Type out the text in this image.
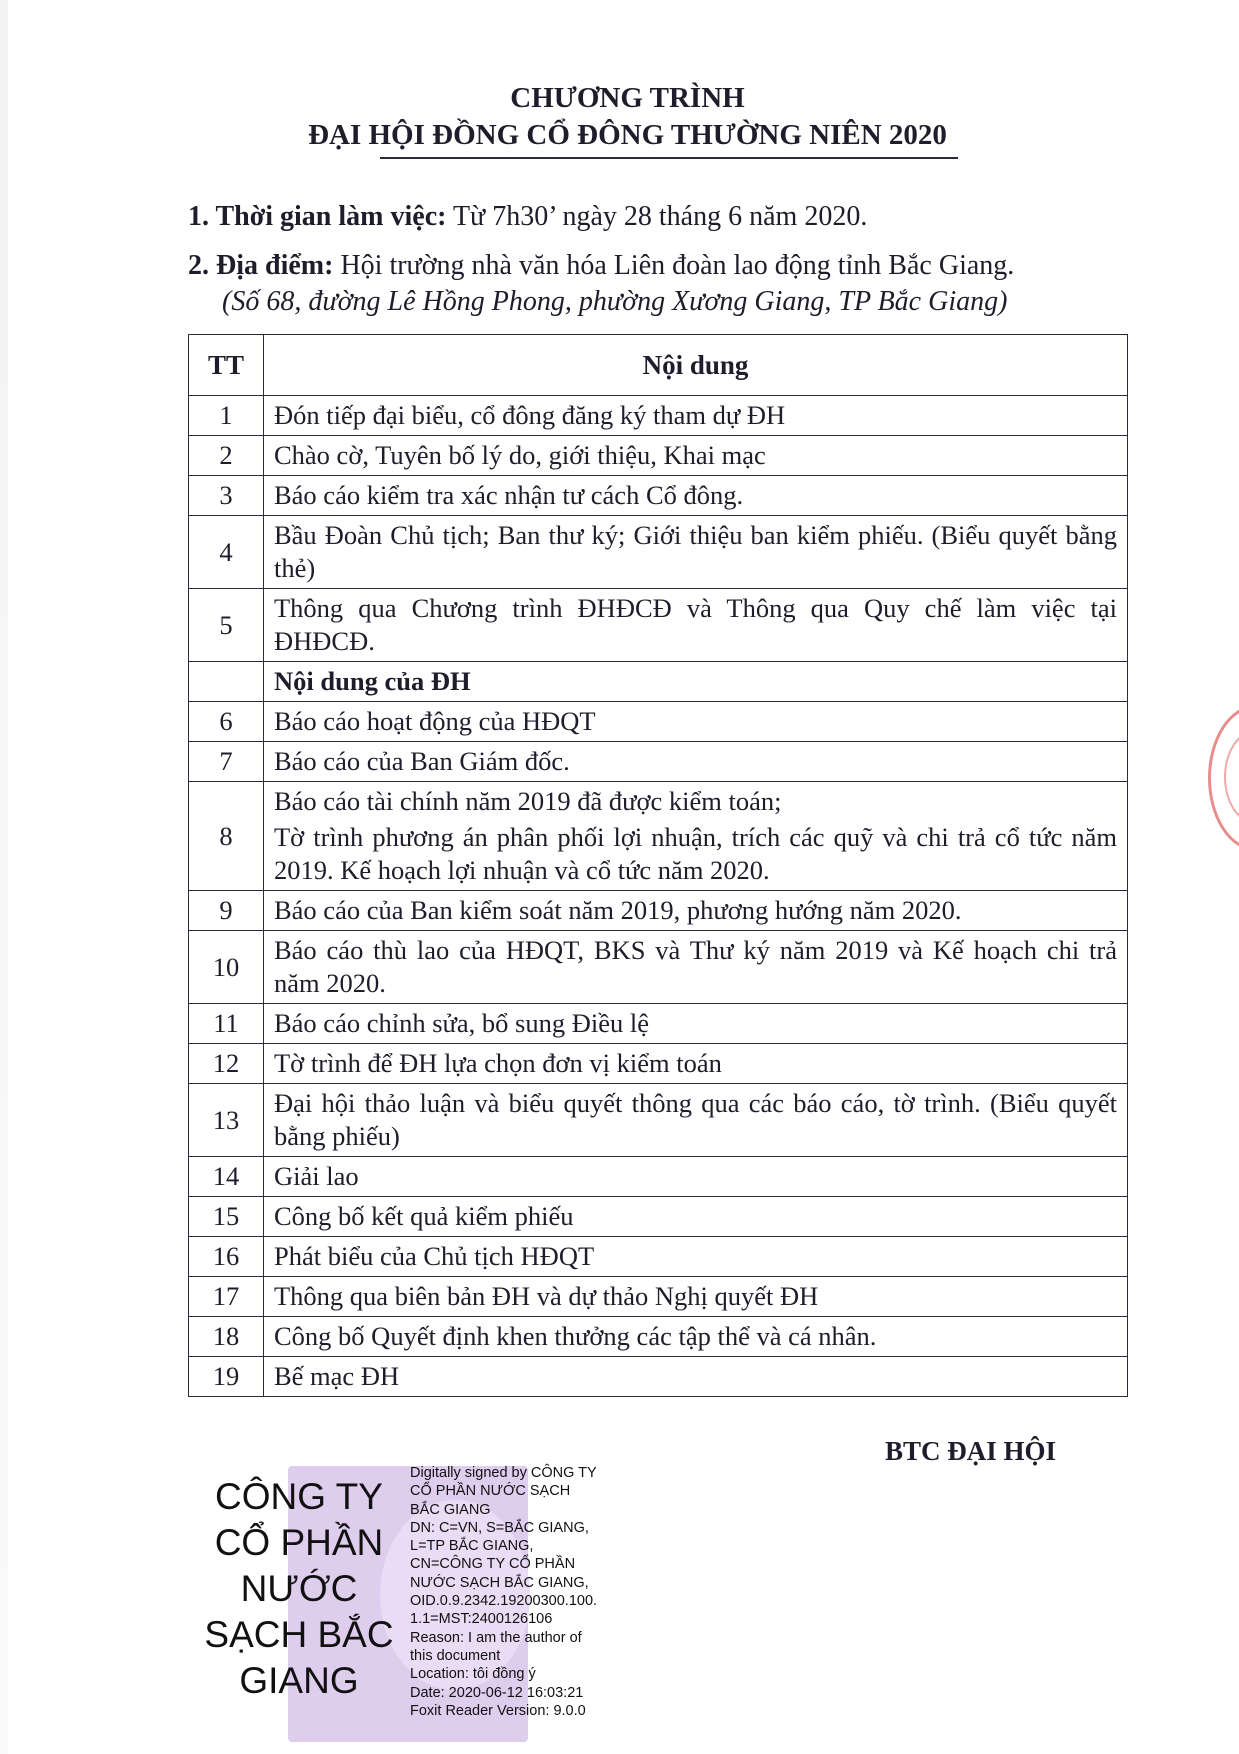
CHƯƠNG TRÌNH
ĐẠI HỘI ĐỒNG CỔ ĐÔNG THƯỜNG NIÊN 2020
1. Thời gian làm việc: Từ 7h30’ ngày 28 tháng 6 năm 2020.
2. Địa điểm: Hội trường nhà văn hóa Liên đoàn lao động tỉnh Bắc Giang.
(Số 68, đường Lê Hồng Phong, phường Xương Giang, TP Bắc Giang)
TT	Nội dung
1	Đón tiếp đại biểu, cổ đông đăng ký tham dự ĐH
2	Chào cờ, Tuyên bố lý do, giới thiệu, Khai mạc
3	Báo cáo kiểm tra xác nhận tư cách Cổ đông.
4	Bầu Đoàn Chủ tịch; Ban thư ký; Giới thiệu ban kiểm phiếu. (Biểu quyết bằng thẻ)
5	Thông qua Chương trình ĐHĐCĐ và Thông qua Quy chế làm việc tại ĐHĐCĐ.
	Nội dung của ĐH
6	Báo cáo hoạt động của HĐQT
7	Báo cáo của Ban Giám đốc.
8	Báo cáo tài chính năm 2019 đã được kiểm toán;
Tờ trình phương án phân phối lợi nhuận, trích các quỹ và chi trả cổ tức năm 2019. Kế hoạch lợi nhuận và cổ tức năm 2020.

9	Báo cáo của Ban kiểm soát năm 2019, phương hướng năm 2020.
10	Báo cáo thù lao của HĐQT, BKS và Thư ký năm 2019 và Kế hoạch chi trả năm 2020.
11	Báo cáo chỉnh sửa, bổ sung Điều lệ
12	Tờ trình để ĐH lựa chọn đơn vị kiểm toán
13	Đại hội thảo luận và biểu quyết thông qua các báo cáo, tờ trình. (Biểu quyết bằng phiếu)
14	Giải lao
15	Công bố kết quả kiểm phiếu
16	Phát biểu của Chủ tịch HĐQT
17	Thông qua biên bản ĐH và dự thảo Nghị quyết ĐH
18	Công bố Quyết định khen thưởng các tập thể và cá nhân.
19	Bế mạc ĐH
BTC ĐẠI HỘI
CÔNG TY
CỔ PHẦN
NƯỚC
SẠCH BẮC
GIANG
Digitally signed by CÔNG TY
CỔ PHẦN NƯỚC SẠCH
BẮC GIANG
DN: C=VN, S=BẮC GIANG,
L=TP BẮC GIANG,
CN=CÔNG TY CỔ PHẦN
NƯỚC SẠCH BẮC GIANG,
OID.0.9.2342.19200300.100.
1.1=MST:2400126106
Reason: I am the author of
this document
Location: tôi đồng ý
Date: 2020-06-12 16:03:21
Foxit Reader Version: 9.0.0
